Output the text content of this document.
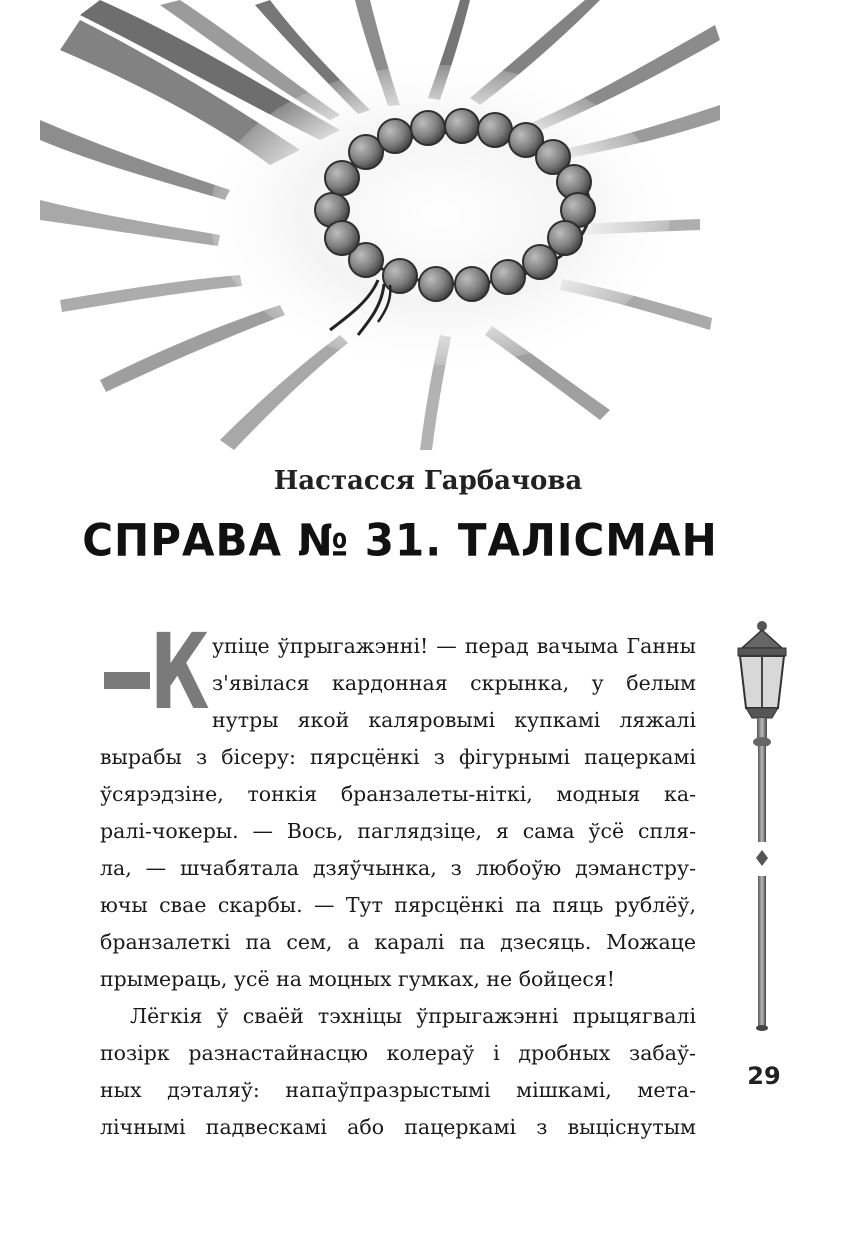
Настасся Гарбачова
СПРАВА № 31. ТАЛІСМАН
К упіце ўпрыгажэнні! — перад вачыма Ганны
з'явілася кардонная скрынка, у белым
нутры якой каляровымі купкамі ляжалі
вырабы з бісеру: пярсцёнкі з фігурнымі пацеркамі
ўсярэдзіне, тонкія бранзалеты-ніткі, модныя ка-
ралі-чокеры. — Вось, паглядзіце, я сама ўсё спля-
ла, — шчабятала дзяўчынка, з любоўю дэманстру-
ючы свае скарбы. — Тут пярсцёнкі па пяць рублёў,
бранзалеткі па сем, а каралі па дзесяць. Можаце
прымераць, усё на моцных гумках, не бойцеся!
Лёгкія ў сваёй тэхніцы ўпрыгажэнні прыцягвалі
позірк разнастайнасцю колераў і дробных забаў-
ных дэталяў: напаўпразрыстымі мішкамі, мета-
лічнымі падвескамі або пацеркамі з выціснутым
29
